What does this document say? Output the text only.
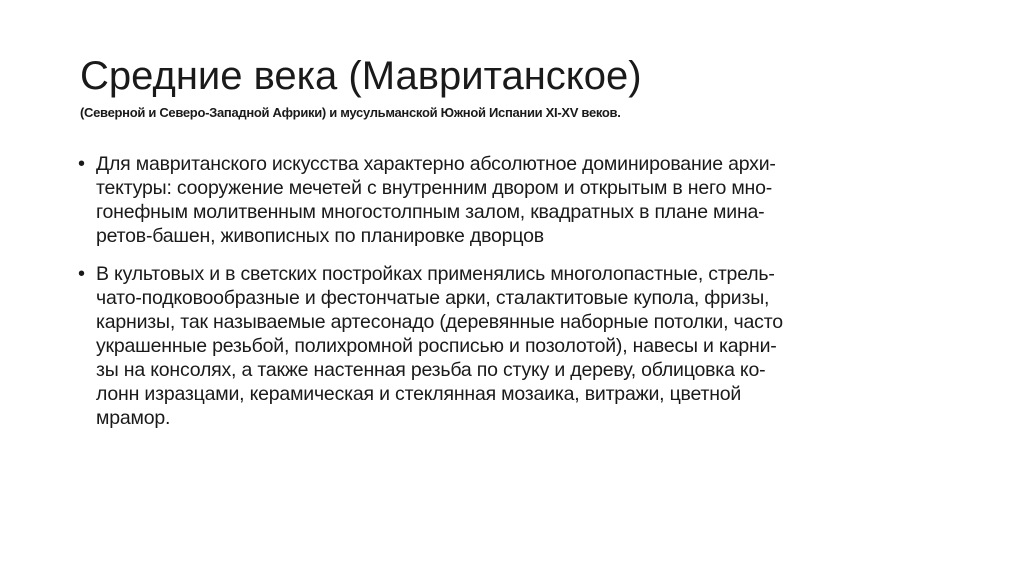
Средние века (Мавританское)
(Северной и Северо-Западной Африки) и мусульманской Южной Испании XI-XV веков.
• Для мавританского искусства характерно абсолютное доминирование архи-
тектуры: сооружение мечетей с внутренним двором и открытым в него мно-
гонефным молитвенным многостолпным залом, квадратных в плане мина-
ретов-башен, живописных по планировке дворцов
• В культовых и в светских постройках применялись многолопастные, стрель-
чато-подковообразные и фестончатые арки, сталактитовые купола, фризы,
карнизы, так называемые артесонадо (деревянные наборные потолки, часто
украшенные резьбой, полихромной росписью и позолотой), навесы и карни-
зы на консолях, а также настенная резьба по стуку и дереву, облицовка ко-
лонн изразцами, керамическая и стеклянная мозаика, витражи, цветной
мрамор.
